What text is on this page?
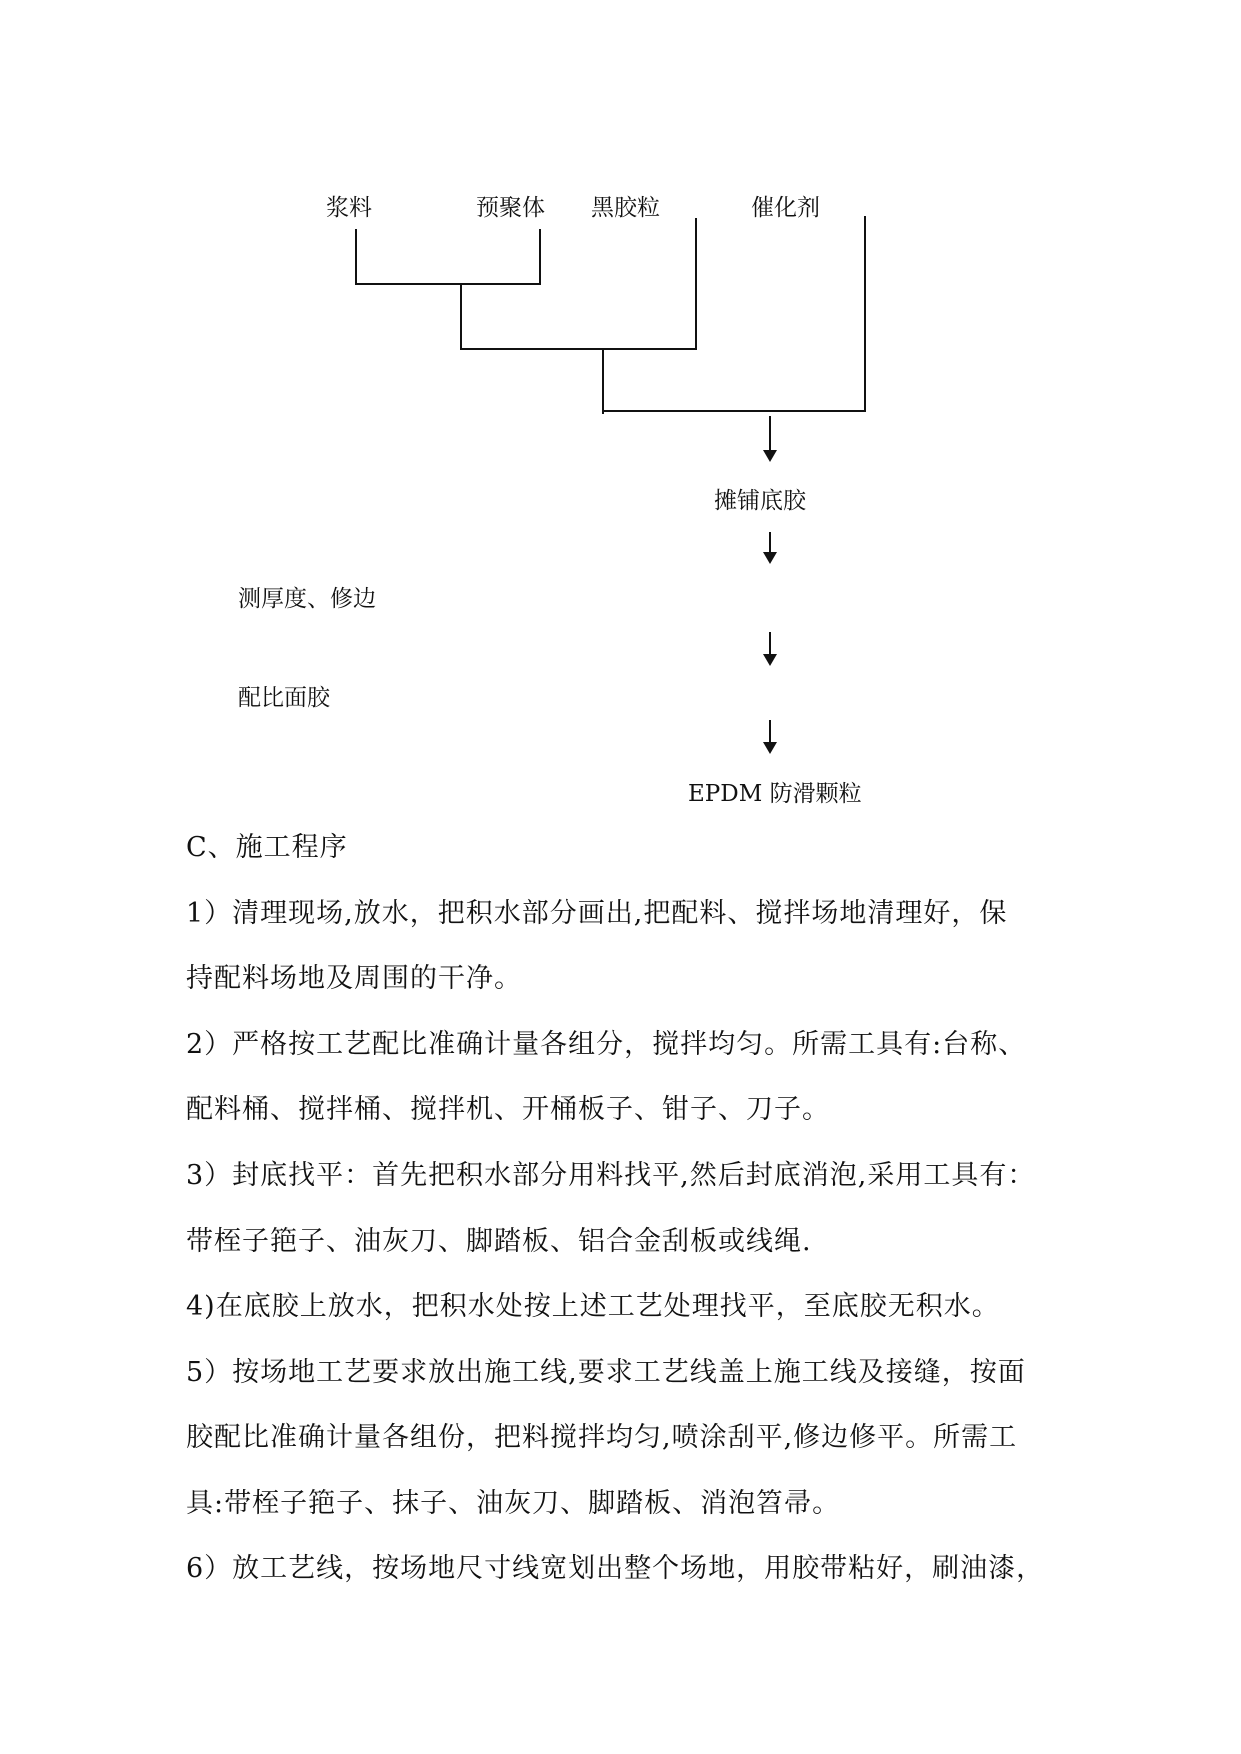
浆料	预聚体 黑胶粒	催化剂
摊铺底胶
测厚度、修边
配比面胶
EPDM 防滑颗粒
C、施工程序
1）清理现场,放水，把积水部分画出,把配料、搅拌场地清理好，保
持配料场地及周围的干净。
2）严格按工艺配比准确计量各组分，搅拌均匀。所需工具有:台称、
配料桶、搅拌桶、搅拌机、开桶板子、钳子、刀子。
3）封底找平：首先把积水部分用料找平,然后封底消泡,采用工具有：
带桎子筢子、油灰刀、脚踏板、铝合金刮板或线绳.
4)在底胶上放水，把积水处按上述工艺处理找平，至底胶无积水。
5）按场地工艺要求放出施工线,要求工艺线盖上施工线及接缝，按面
胶配比准确计量各组份，把料搅拌均匀,喷涂刮平,修边修平。所需工
具:带桎子筢子、抹子、油灰刀、脚踏板、消泡笤帚。
6）放工艺线，按场地尺寸线宽划出整个场地，用胶带粘好，刷油漆，
